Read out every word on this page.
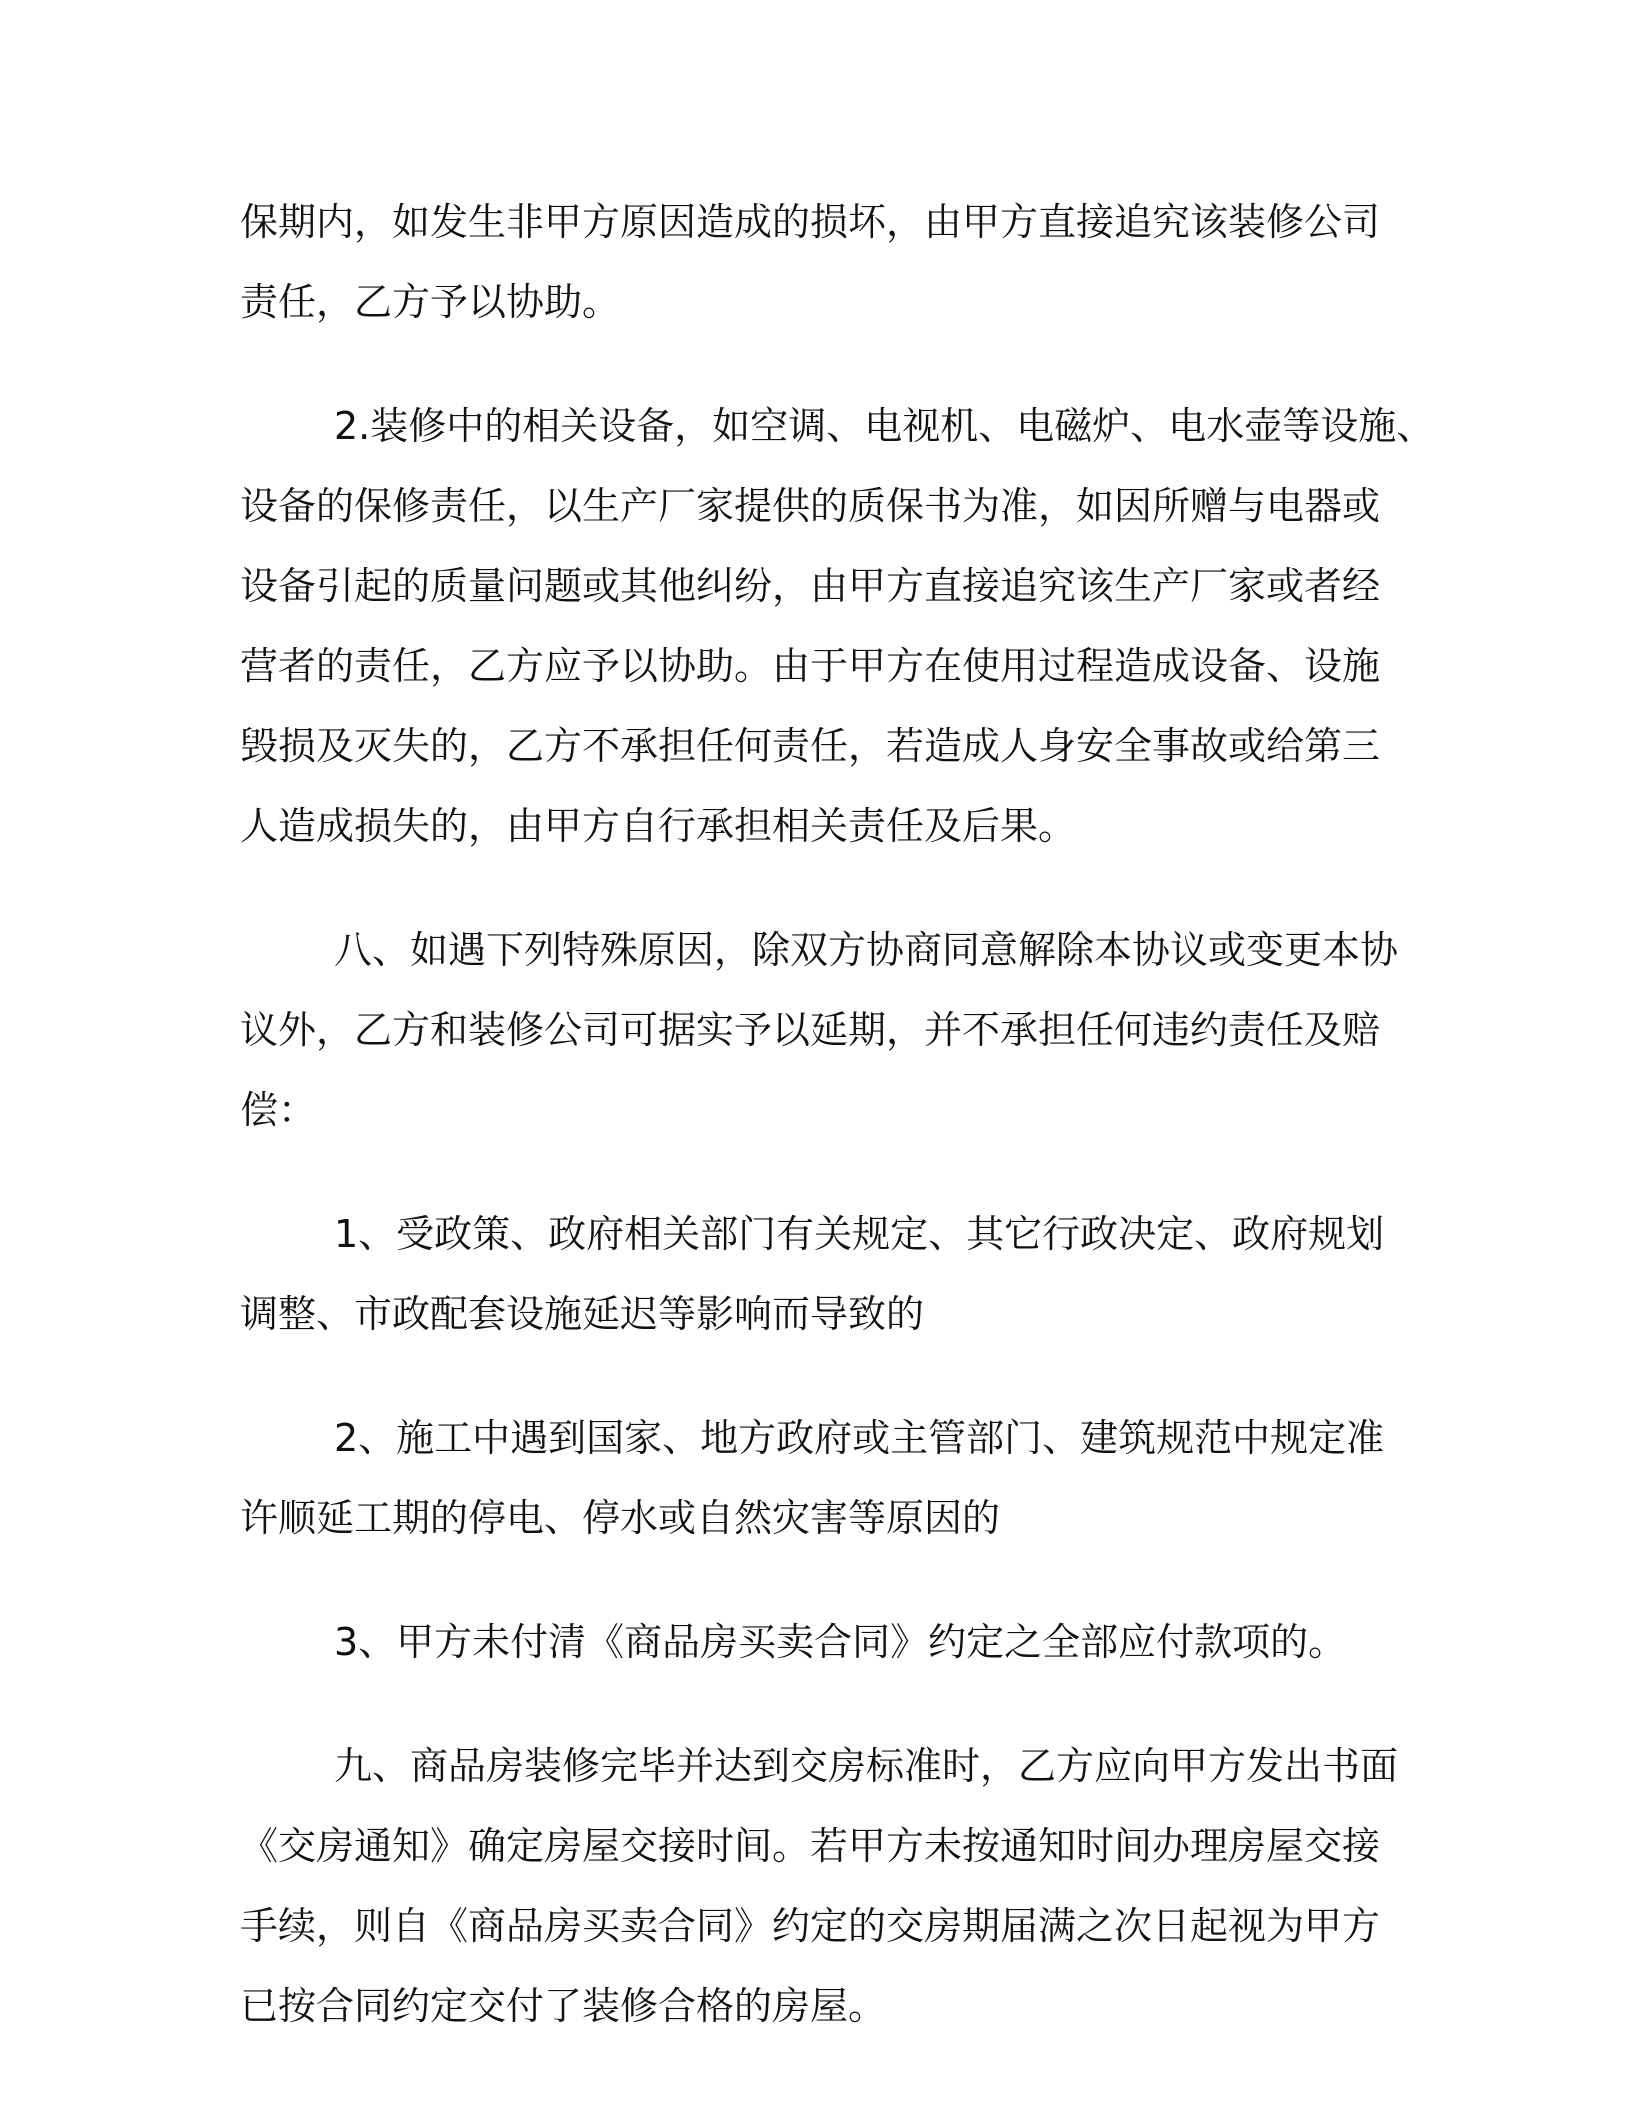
保期内，如发生非甲方原因造成的损坏，由甲方直接追究该装修公司
责任，乙方予以协助。
2.装修中的相关设备，如空调、电视机、电磁炉、电水壶等设施、
设备的保修责任，以生产厂家提供的质保书为准，如因所赠与电器或
设备引起的质量问题或其他纠纷，由甲方直接追究该生产厂家或者经
营者的责任，乙方应予以协助。由于甲方在使用过程造成设备、设施
毁损及灭失的，乙方不承担任何责任，若造成人身安全事故或给第三
人造成损失的，由甲方自行承担相关责任及后果。
八、如遇下列特殊原因，除双方协商同意解除本协议或变更本协
议外，乙方和装修公司可据实予以延期，并不承担任何违约责任及赔
偿：
1、受政策、政府相关部门有关规定、其它行政决定、政府规划
调整、市政配套设施延迟等影响而导致的
2、施工中遇到国家、地方政府或主管部门、建筑规范中规定准
许顺延工期的停电、停水或自然灾害等原因的
3、甲方未付清《商品房买卖合同》约定之全部应付款项的。
九、商品房装修完毕并达到交房标准时，乙方应向甲方发出书面
《交房通知》确定房屋交接时间。若甲方未按通知时间办理房屋交接
手续，则自《商品房买卖合同》约定的交房期届满之次日起视为甲方
已按合同约定交付了装修合格的房屋。
